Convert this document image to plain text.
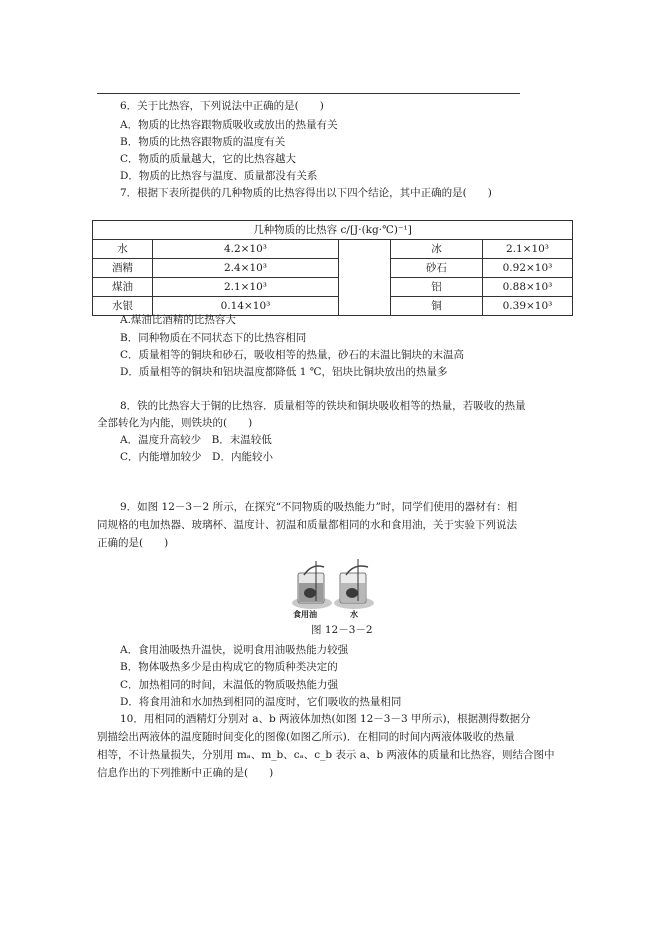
6．关于比热容，下列说法中正确的是(　　)
A．物质的比热容跟物质吸收或放出的热量有关
B．物质的比热容跟物质的温度有关
C．物质的质量越大，它的比热容越大
D．物质的比热容与温度、质量都没有关系
7．根据下表所提供的几种物质的比热容得出以下四个结论，其中正确的是(　　)
几种物质的比热容 c/[J·(kg·℃)⁻¹]				
水	4.2×10³		冰	2.1×10³
酒精	2.4×10³		砂石	0.92×10³
煤油	2.1×10³		铝	0.88×10³
水银	0.14×10³		铜	0.39×10³
A.煤油比酒精的比热容大
B．同种物质在不同状态下的比热容相同
C．质量相等的铜块和砂石，吸收相等的热量，砂石的末温比铜块的末温高
D．质量相等的铜块和铝块温度都降低 1 ℃，铝块比铜块放出的热量多
8．铁的比热容大于铜的比热容．质量相等的铁块和铜块吸收相等的热量，若吸收的热量
全部转化为内能，则铁块的(　　)
A．温度升高较少　B．末温较低
C．内能增加较少　D．内能较小
9．如图 12－3－2 所示，在探究“不同物质的吸热能力”时，同学们使用的器材有：相
同规格的电加热器、玻璃杯、温度计、初温和质量都相同的水和食用油，关于实验下列说法
正确的是(　　)
食用油	水
图 12－3－2
A．食用油吸热升温快，说明食用油吸热能力较强
B．物体吸热多少是由构成它的物质种类决定的
C．加热相同的时间，末温低的物质吸热能力强
D．将食用油和水加热到相同的温度时，它们吸收的热量相同
10．用相同的酒精灯分别对 a、b 两液体加热(如图 12－3－3 甲所示)，根据测得数据分
别描绘出两液体的温度随时间变化的图像(如图乙所示)．在相同的时间内两液体吸收的热量
相等，不计热量损失，分别用 mₐ、m_b、cₐ、c_b 表示 a、b 两液体的质量和比热容，则结合图中
信息作出的下列推断中正确的是(　　)
